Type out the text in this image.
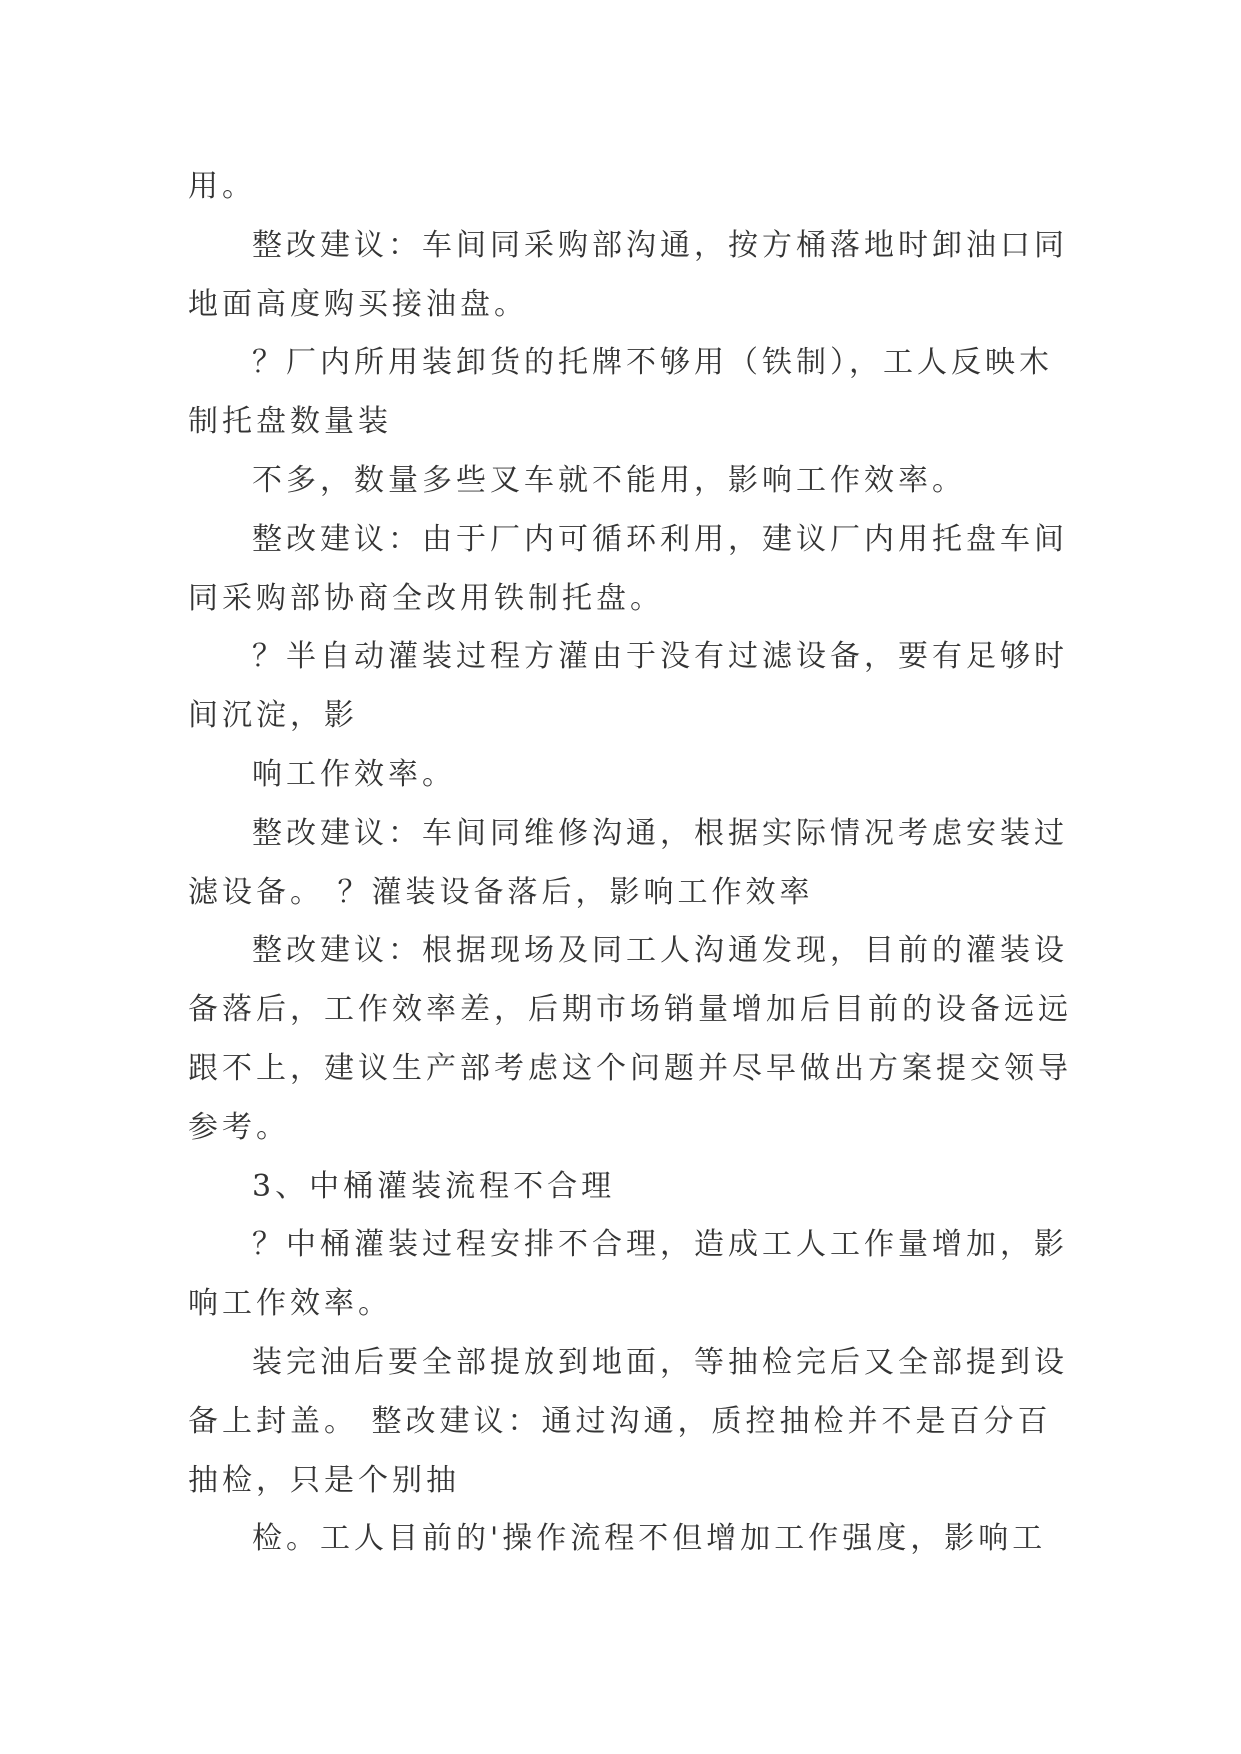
用。
整改建议：车间同采购部沟通，按方桶落地时卸油口同
地面高度购买接油盘。
？厂内所用装卸货的托牌不够用（铁制），工人反映木
制托盘数量装
不多，数量多些叉车就不能用，影响工作效率。
整改建议：由于厂内可循环利用，建议厂内用托盘车间
同采购部协商全改用铁制托盘。
？半自动灌装过程方灌由于没有过滤设备，要有足够时
间沉淀，影
响工作效率。
整改建议：车间同维修沟通，根据实际情况考虑安装过
滤设备。 ？灌装设备落后，影响工作效率
整改建议：根据现场及同工人沟通发现，目前的灌装设
备落后，工作效率差，后期市场销量增加后目前的设备远远
跟不上，建议生产部考虑这个问题并尽早做出方案提交领导
参考。
3、中桶灌装流程不合理
？中桶灌装过程安排不合理，造成工人工作量增加，影
响工作效率。
装完油后要全部提放到地面，等抽检完后又全部提到设
备上封盖。 整改建议：通过沟通，质控抽检并不是百分百
抽检，只是个别抽
检。工人目前的'操作流程不但增加工作强度，影响工
